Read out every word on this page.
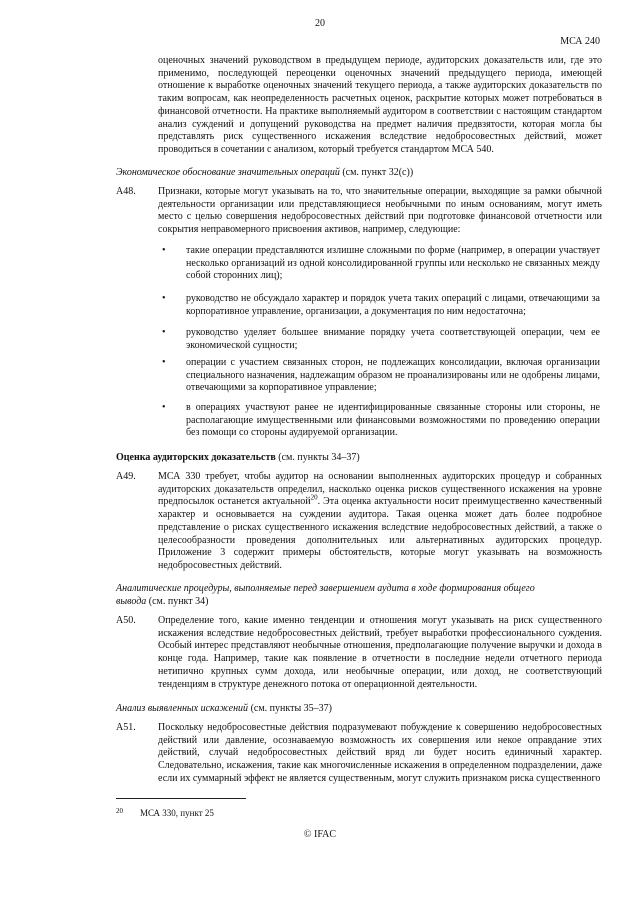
20
МСА 240
оценочных значений руководством в предыдущем периоде, аудиторских доказательств или, где это применимо, последующей переоценки оценочных значений предыдущего периода, имеющей отношение к выработке оценочных значений текущего периода, а также аудиторских доказательств по таким вопросам, как неопределенность расчетных оценок, раскрытие которых может потребоваться в финансовой отчетности. На практике выполняемый аудитором в соответствии с настоящим стандартом анализ суждений и допущений руководства на предмет наличия предвзятости, которая могла бы представлять риск существенного искажения вследствие недобросовестных действий, может проводиться в сочетании с анализом, который требуется стандартом МСА 540.
Экономическое обоснование значительных операций (см. пункт 32(c))
A48. Признаки, которые могут указывать на то, что значительные операции, выходящие за рамки обычной деятельности организации или представляющиеся необычными по иным основаниям, могут иметь место с целью совершения недобросовестных действий при подготовке финансовой отчетности или сокрытия неправомерного присвоения активов, например, следующие:
• такие операции представляются излишне сложными по форме (например, в операции участвует несколько организаций из одной консолидированной группы или несколько не связанных между собой сторонних лиц);
• руководство не обсуждало характер и порядок учета таких операций с лицами, отвечающими за корпоративное управление, организации, а документация по ним недостаточна;
• руководство уделяет большее внимание порядку учета соответствующей операции, чем ее экономической сущности;
• операции с участием связанных сторон, не подлежащих консолидации, включая организации специального назначения, надлежащим образом не проанализированы или не одобрены лицами, отвечающими за корпоративное управление;
• в операциях участвуют ранее не идентифицированные связанные стороны или стороны, не располагающие имущественными или финансовыми возможностями по проведению операции без помощи со стороны аудируемой организации.
Оценка аудиторских доказательств (см. пункты 34–37)
A49. МСА 330 требует, чтобы аудитор на основании выполненных аудиторских процедур и собранных аудиторских доказательств определил, насколько оценка рисков существенного искажения на уровне предпосылок останется актуальной$^{20}$. Эта оценка актуальности носит преимущественно качественный характер и основывается на суждении аудитора. Такая оценка может дать более подробное представление о рисках существенного искажения вследствие недобросовестных действий, а также о целесообразности проведения дополнительных или альтернативных аудиторских процедур. Приложение 3 содержит примеры обстоятельств, которые могут указывать на возможность недобросовестных действий.
Аналитические процедуры, выполняемые перед завершением аудита в ходе формирования общего
вывода (см. пункт 34)
A50. Определение того, какие именно тенденции и отношения могут указывать на риск существенного искажения вследствие недобросовестных действий, требует выработки профессионального суждения. Особый интерес представляют необычные отношения, предполагающие получение выручки и дохода в конце года. Например, такие как появление в отчетности в последние недели отчетного периода нетипично крупных сумм дохода, или необычные операции, или доход, не соответствующий тенденциям в структуре денежного потока от операционной деятельности.
Анализ выявленных искажений (см. пункты 35–37)
A51. Поскольку недобросовестные действия подразумевают побуждение к совершению недобросовестных действий или давление, осознаваемую возможность их совершения или некое оправдание этих действий, случай недобросовестных действий вряд ли будет носить единичный характер. Следовательно, искажения, такие как многочисленные искажения в определенном подразделении, даже если их суммарный эффект не является существенным, могут служить признаком риска существенного
20 МСА 330, пункт 25
© IFAC
